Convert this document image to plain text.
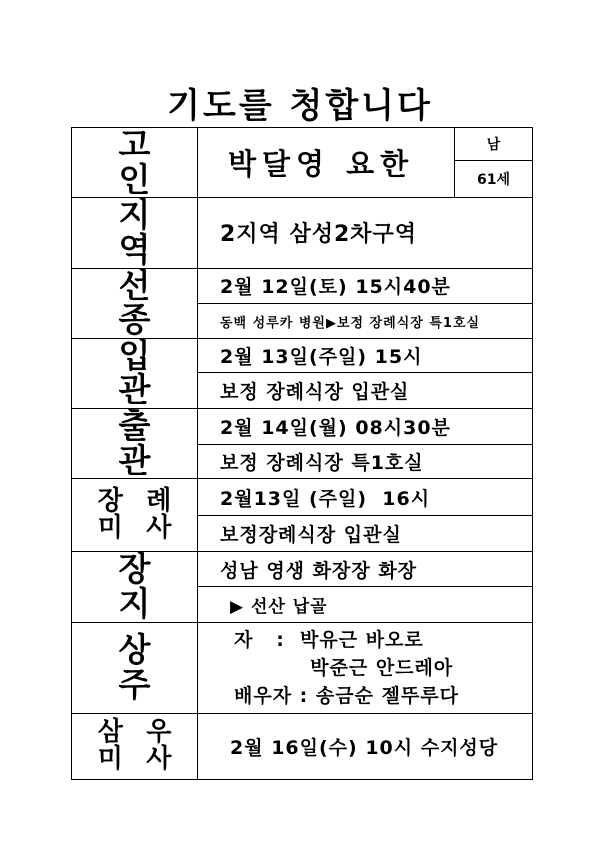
기도를 청합니다
고 인	박달영 요한	남
		61세
지 역	2지역 삼성2차구역	
선 종	2월 12일(토) 15시40분	
	동백 성루카 병원▶보정 장례식장 특1호실	
입 관	2월 13일(주일) 15시	
	보정 장례식장 입관실	
출 관	2월 14일(월) 08시30분	
	보정 장례식장 특1호실	

장 례
미 사	2월13일 (주일)  16시	
	보정장례식장 입관실	
장 지	성남 영생 화장장 화장	
	▶ 선산 납골	
상 주	자   :  박유근 바오로
박준근 안드레아
배우자 : 송금순 젤뚜루다	

삼 우
미 사	2월 16일(수) 10시 수지성당	
